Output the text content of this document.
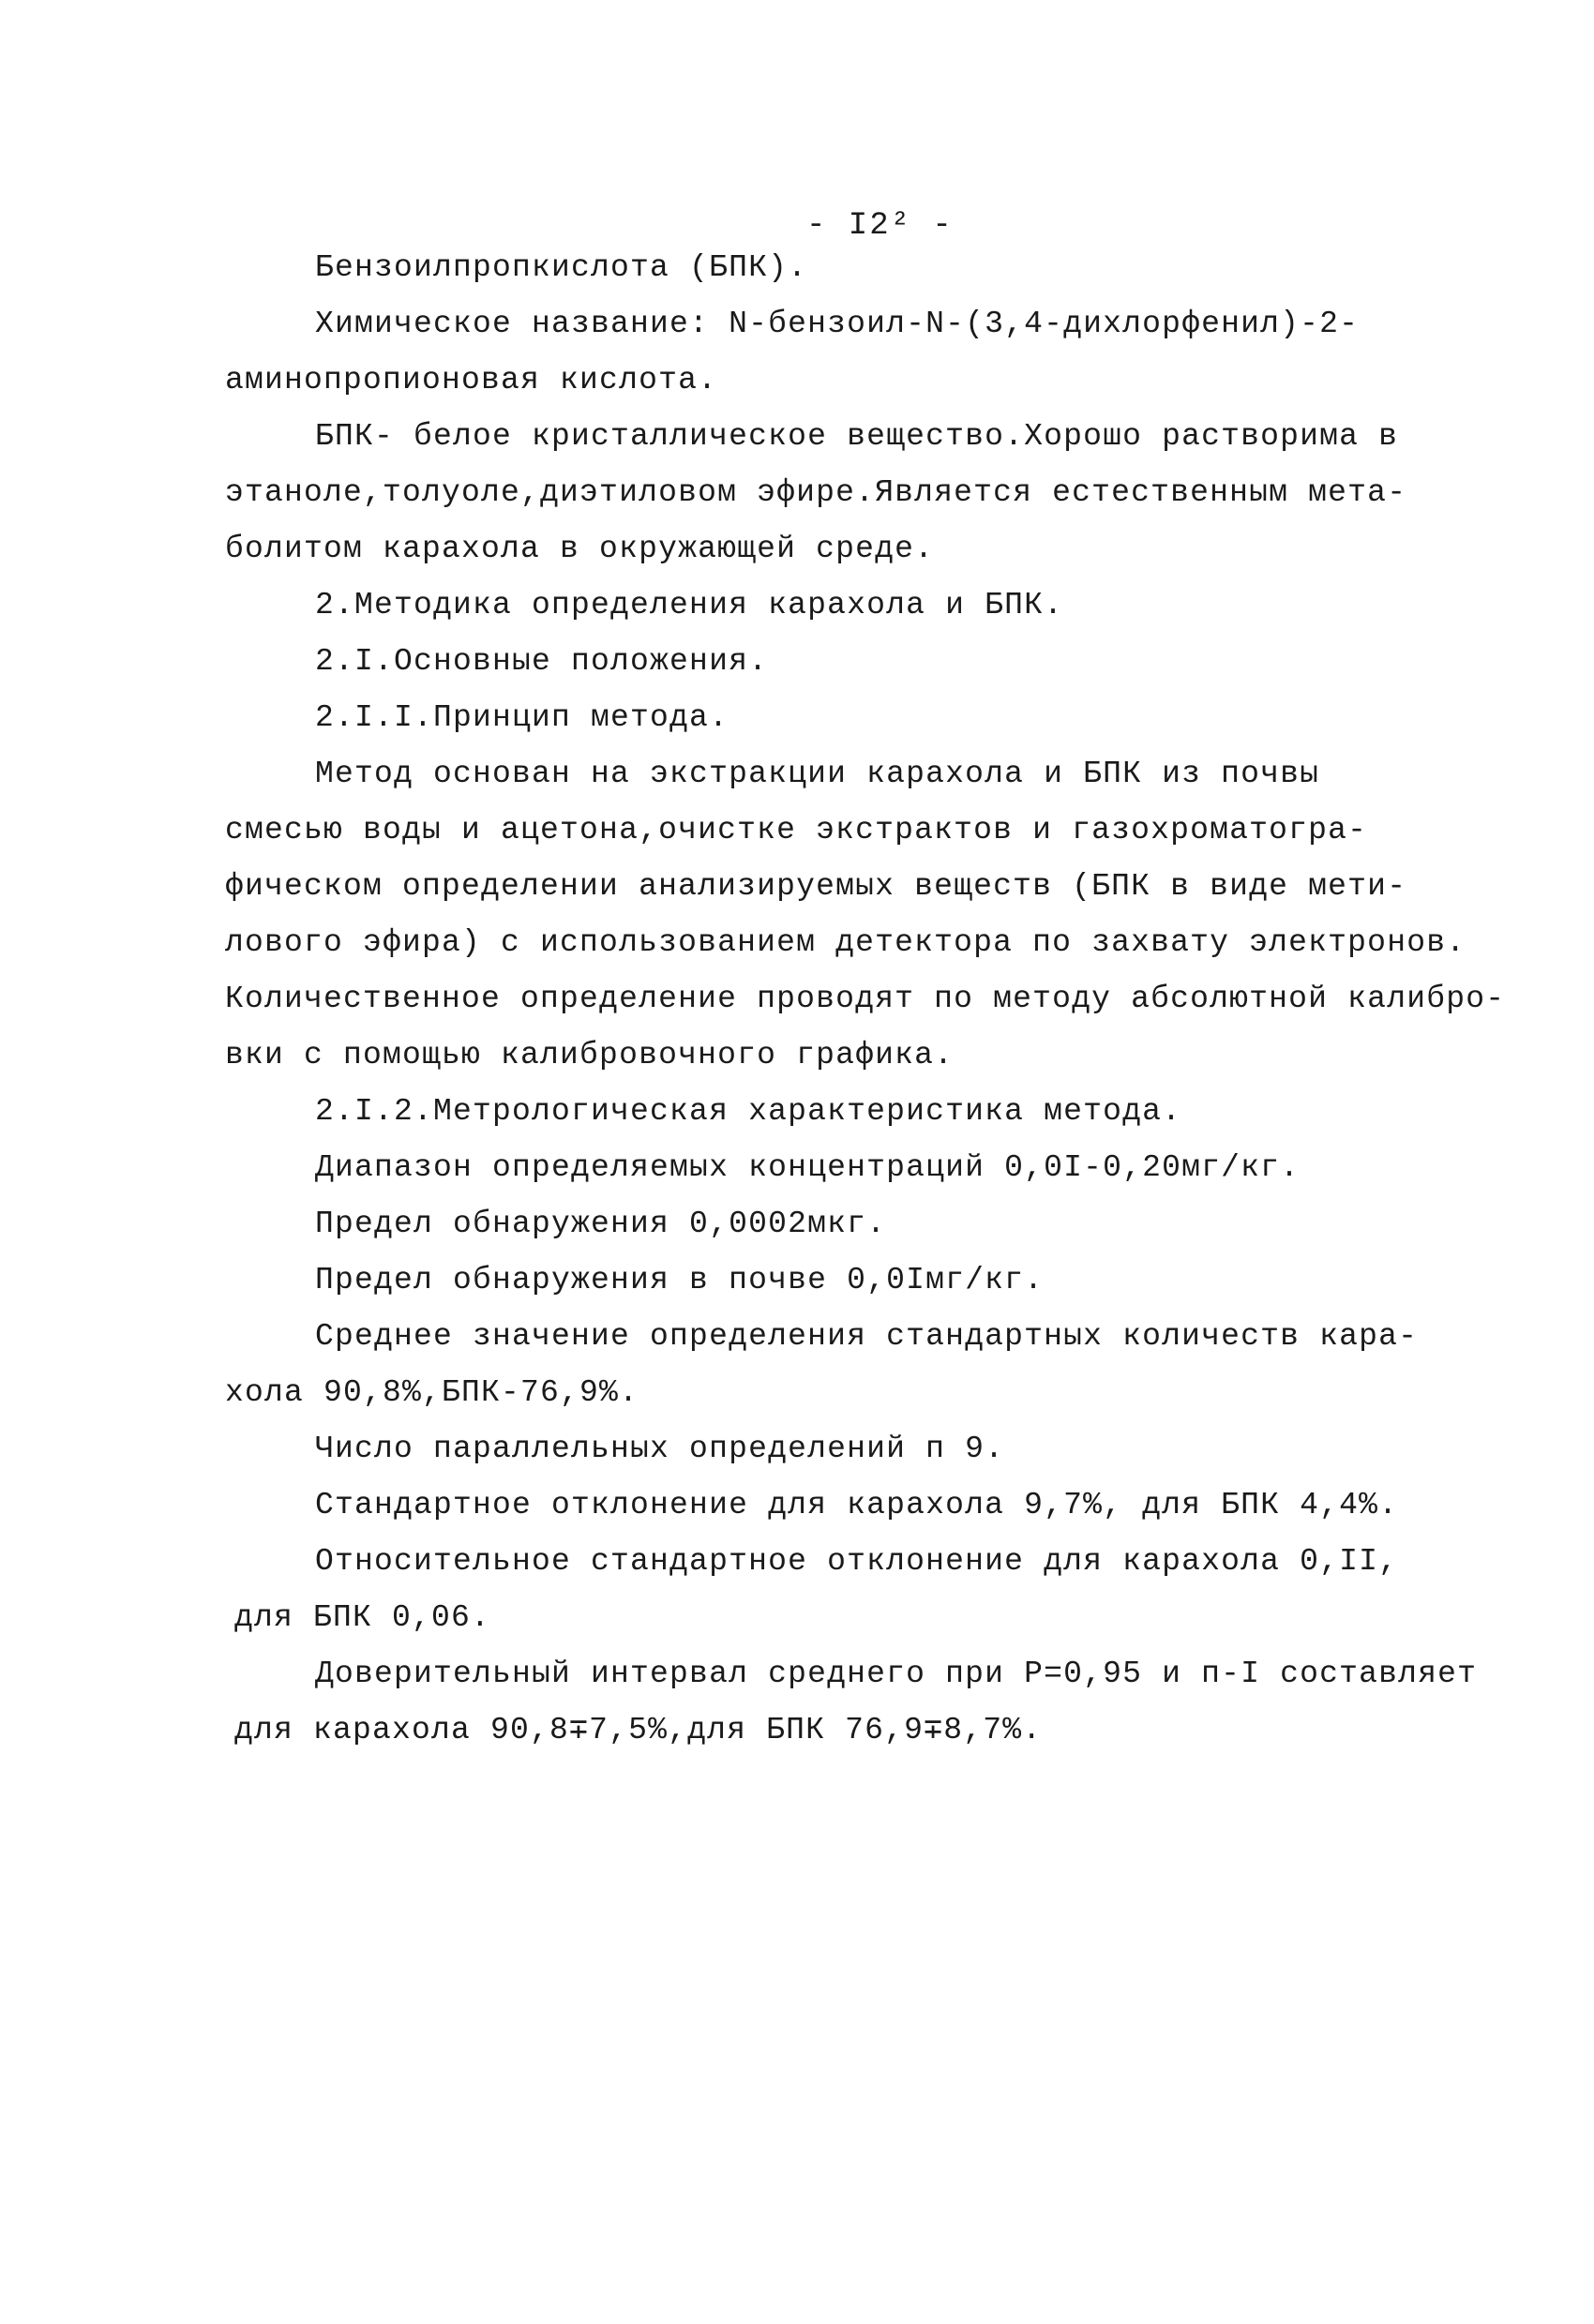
- I2² -
Бензоилпропкислота (БПК).
Химическое название: N-бензоил-N-(3,4-дихлорфенил)-2-
аминопропионовая кислота.
БПК- белое кристаллическое вещество.Хорошо растворима в
этаноле,толуоле,диэтиловом эфире.Является естественным мета-
болитом карахола в окружающей среде.
2.Методика определения карахола и БПК.
2.I.Основные положения.
2.I.I.Принцип метода.
Метод основан на экстракции карахола и БПК из почвы
смесью воды и ацетона,очистке экстрактов и газохроматогра-
фическом определении анализируемых веществ (БПК в виде мети-
лового эфира) с использованием детектора по захвату электронов.
Количественное определение проводят по методу абсолютной калибро-
вки с помощью калибровочного графика.
2.I.2.Метрологическая характеристика метода.
Диапазон определяемых концентраций 0,0I-0,20мг/кг.
Предел обнаружения 0,0002мкг.
Предел обнаружения в почве 0,0Iмг/кг.
Среднее значение определения стандартных количеств кара-
хола 90,8%,БПК-76,9%.
Число параллельных определений п 9.
Стандартное отклонение для карахола 9,7%, для БПК 4,4%.
Относительное стандартное отклонение для карахола 0,II,
для БПК 0,06.
Доверительный интервал среднего при Р=0,95 и п-I составляет
для карахола 90,8∓7,5%,для БПК 76,9∓8,7%.
